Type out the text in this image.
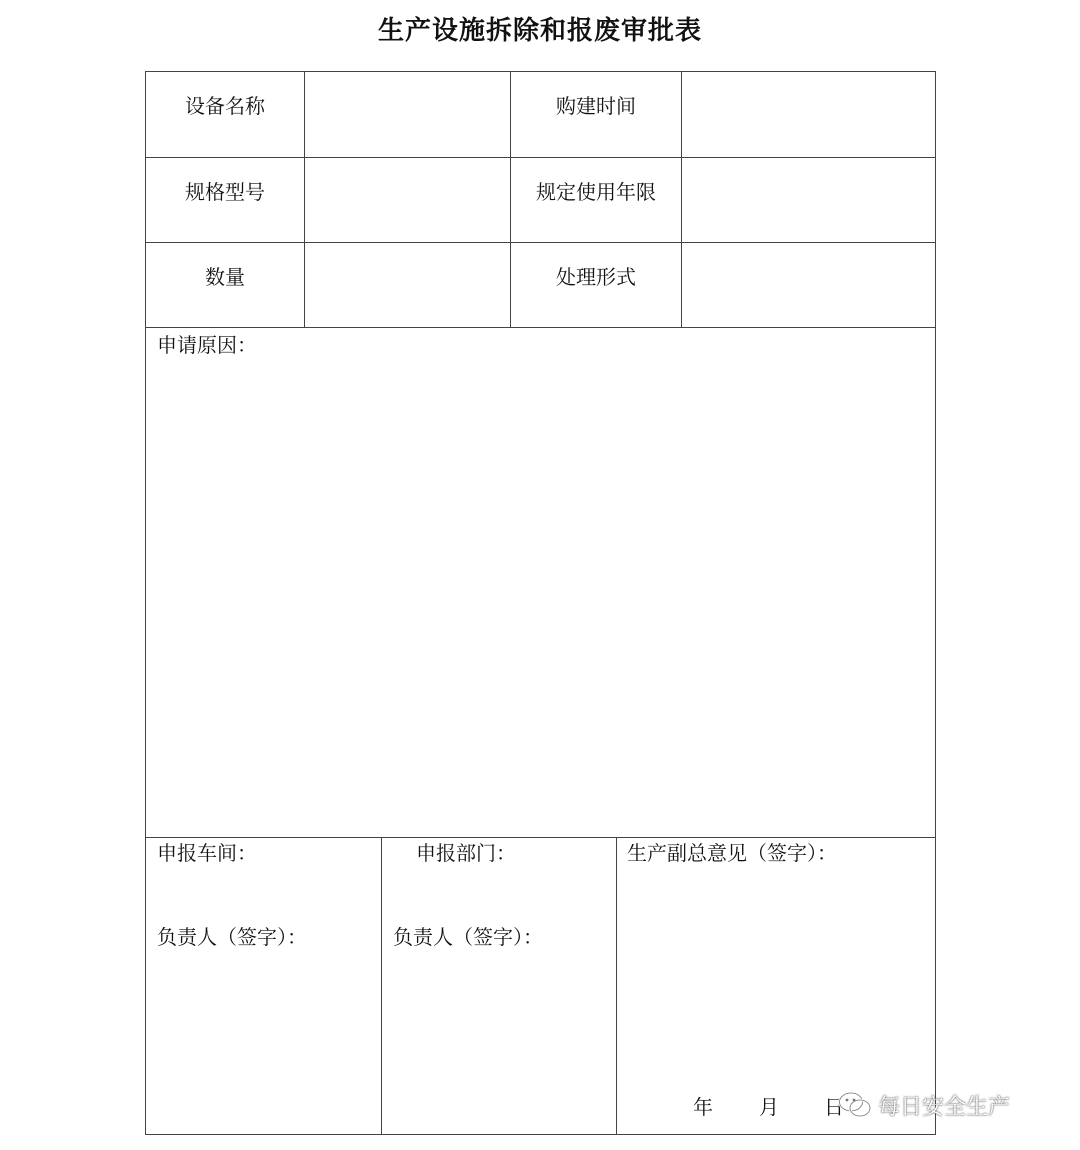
生产设施拆除和报废审批表
设备名称	购建时间
规格型号	规定使用年限
数量	处理形式
申请原因：
申报车间：
负责人（签字）：
申报部门：
负责人（签字）：
生产副总意见（签字）：
年 月 日 每日安全生产
